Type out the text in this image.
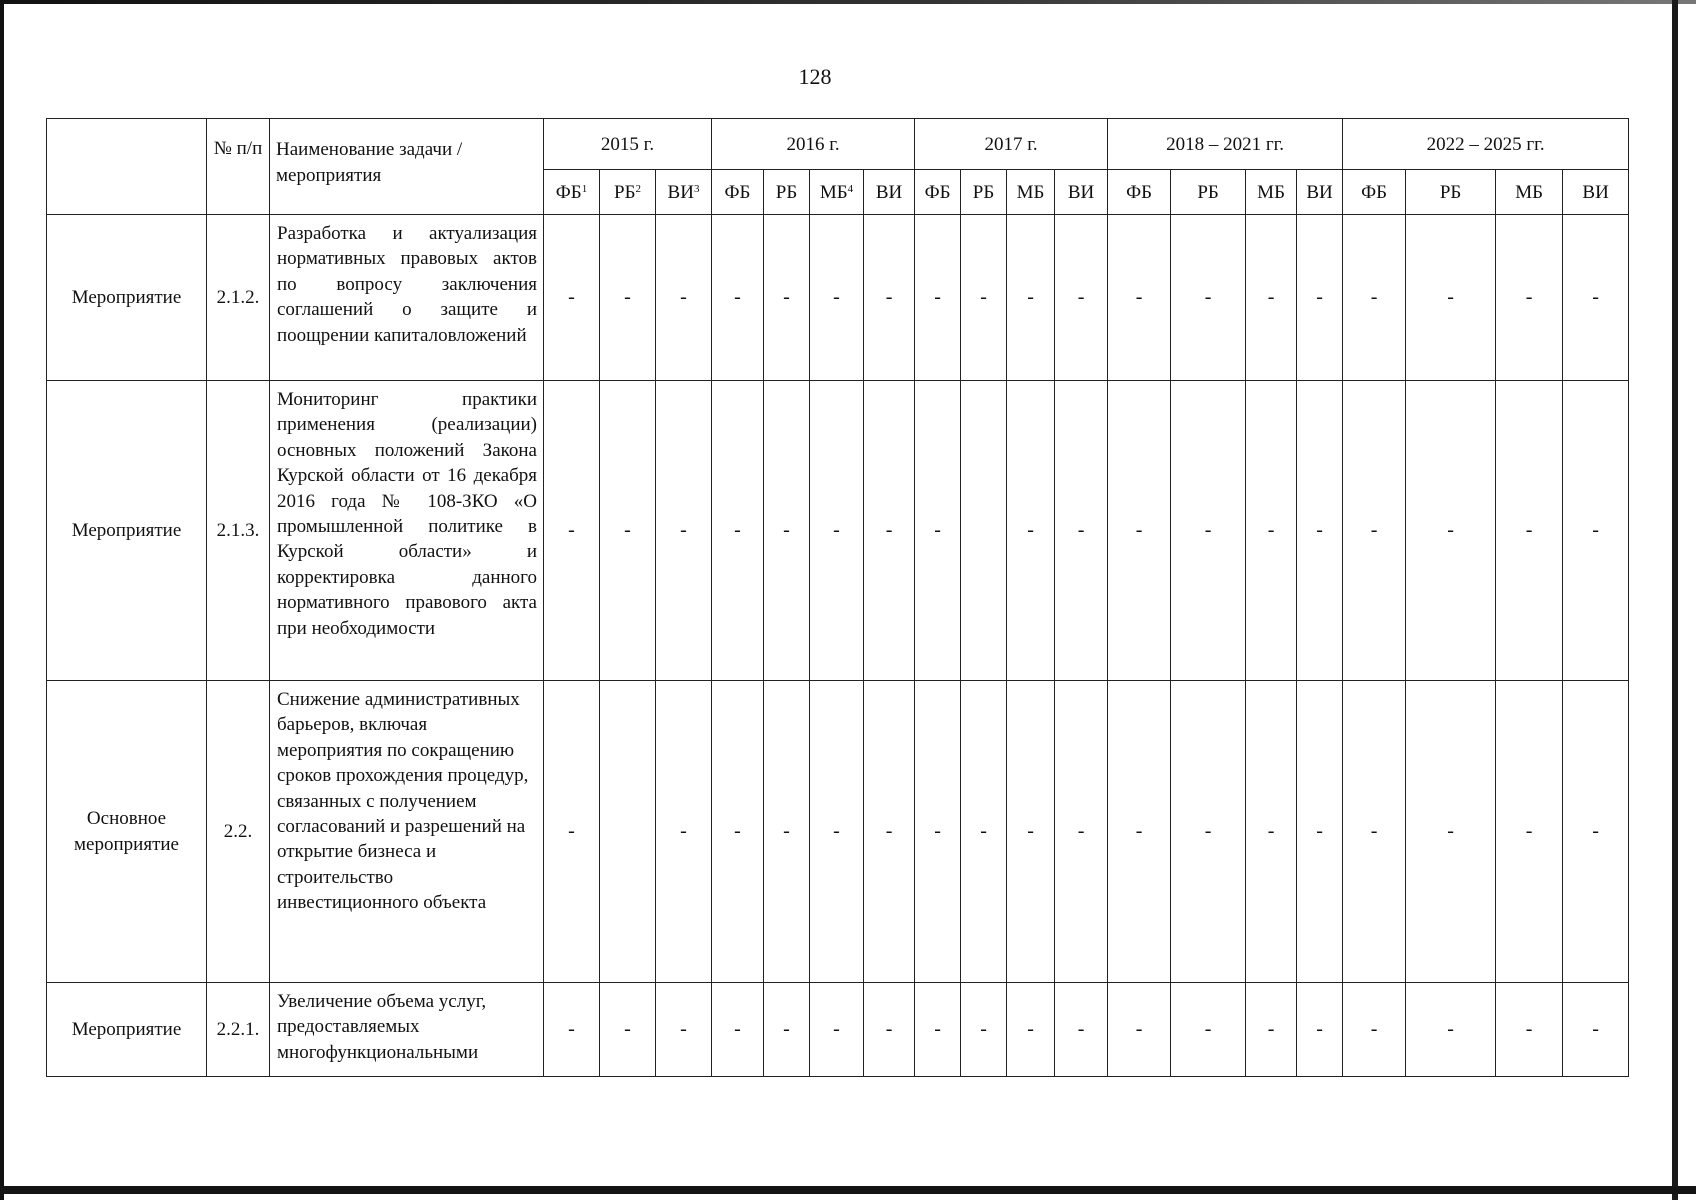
128
	№ п/п	Наименование задачи / мероприятия	2015 г.			2016 г.				2017 г.				2018 – 2021 гг.				2022 – 2025 гг.			
			$ФБ^1$	$РБ^2$	$ВИ^3$	ФБ	РБ	$МБ^4$	ВИ	ФБ	РБ	МБ	ВИ	ФБ	РБ	МБ	ВИ	ФБ	РБ	МБ	ВИ
Мероприятие	2.1.2.	Разработка и актуализация нормативных правовых актов по вопросу заключения соглашений о защите и поощрении капиталовложений	-	-	-	-	-	-	-	-	-	-	-	-	-	-	-	-	-	-	-
Мероприятие	2.1.3.	Мониторинг практики применения (реализации) основных положений Закона Курской области от 16 декабря 2016 года № 108-ЗКО «О промышленной политике в Курской области» и корректировка данного нормативного правового акта при необходимости	-	-	-	-	-	-	-	-		-	-	-	-	-	-	-	-	-	-
Основное мероприятие	2.2.	Снижение административных барьеров, включая мероприятия по сокращению сроков прохождения процедур, связанных с получением согласований и разрешений на открытие бизнеса и строительство инвестиционного объекта	-		-	-	-	-	-	-	-	-	-	-	-	-	-	-	-	-	-
Мероприятие	2.2.1.	Увеличение объема услуг, предоставляемых многофункциональными	-	-	-	-	-	-	-	-	-	-	-	-	-	-	-	-	-	-	-
